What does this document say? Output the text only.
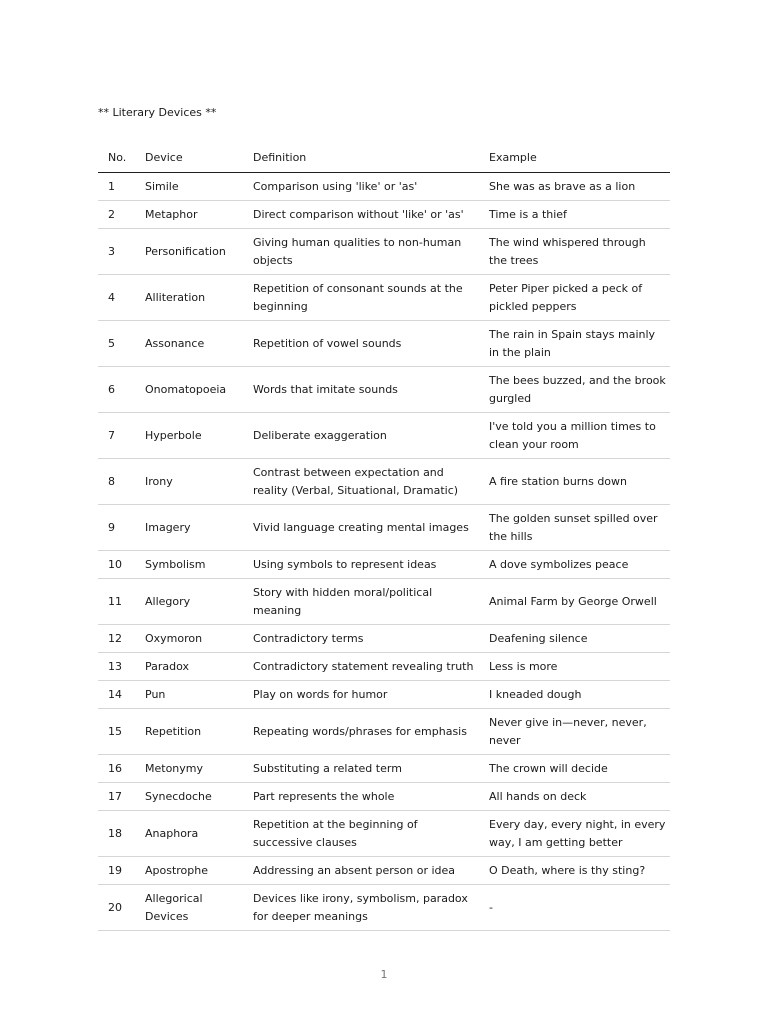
** Literary Devices **
No.	Device	Definition	Example
1	Simile	Comparison using 'like' or 'as'	She was as brave as a lion
2	Metaphor	Direct comparison without 'like' or 'as'	Time is a thief
3	Personification	Giving human qualities to non-human objects	The wind whispered through the trees
4	Alliteration	Repetition of consonant sounds at the beginning	Peter Piper picked a peck of pickled peppers
5	Assonance	Repetition of vowel sounds	The rain in Spain stays mainly in the plain
6	Onomatopoeia	Words that imitate sounds	The bees buzzed, and the brook gurgled
7	Hyperbole	Deliberate exaggeration	I've told you a million times to clean your room
8	Irony	Contrast between expectation and reality (Verbal, Situational, Dramatic)	A fire station burns down
9	Imagery	Vivid language creating mental images	The golden sunset spilled over the hills
10	Symbolism	Using symbols to represent ideas	A dove symbolizes peace
11	Allegory	Story with hidden moral/political meaning	Animal Farm by George Orwell
12	Oxymoron	Contradictory terms	Deafening silence
13	Paradox	Contradictory statement revealing truth	Less is more
14	Pun	Play on words for humor	I kneaded dough
15	Repetition	Repeating words/phrases for emphasis	Never give in—never, never, never
16	Metonymy	Substituting a related term	The crown will decide
17	Synecdoche	Part represents the whole	All hands on deck
18	Anaphora	Repetition at the beginning of successive clauses	Every day, every night, in every way, I am getting better
19	Apostrophe	Addressing an absent person or idea	O Death, where is thy sting?
20	Allegorical Devices	Devices like irony, symbolism, paradox for deeper meanings	-
1
